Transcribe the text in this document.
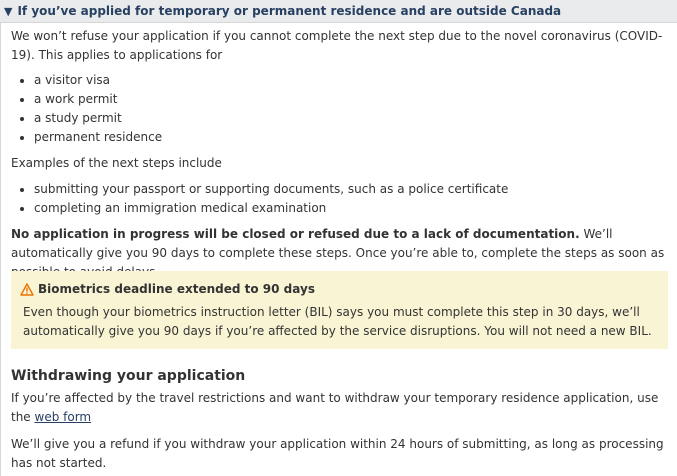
▼ If you’ve applied for temporary or permanent residence and are outside Canada

We won’t refuse your application if you cannot complete the next step due to the novel coronavirus (COVID-19). This applies to applications for

a visitor visa
a work permit
a study permit
permanent residence

Examples of the next steps include

submitting your passport or supporting documents, such as a police certificate
completing an immigration medical examination

No application in progress will be closed or refused due to a lack of documentation. We’ll automatically give you 90 days to complete these steps. Once you’re able to, complete the steps as soon as

Biometrics deadline extended to 90 days

Even though your biometrics instruction letter (BIL) says you must complete this step in 30 days, we’ll automatically give you 90 days if you’re affected by the service disruptions. You will not need a new BIL.

Withdrawing your application

If you’re affected by the travel restrictions and want to withdraw your temporary residence application, use the web form

We’ll give you a refund if you withdraw your application within 24 hours of submitting, as long as processing has not started.
